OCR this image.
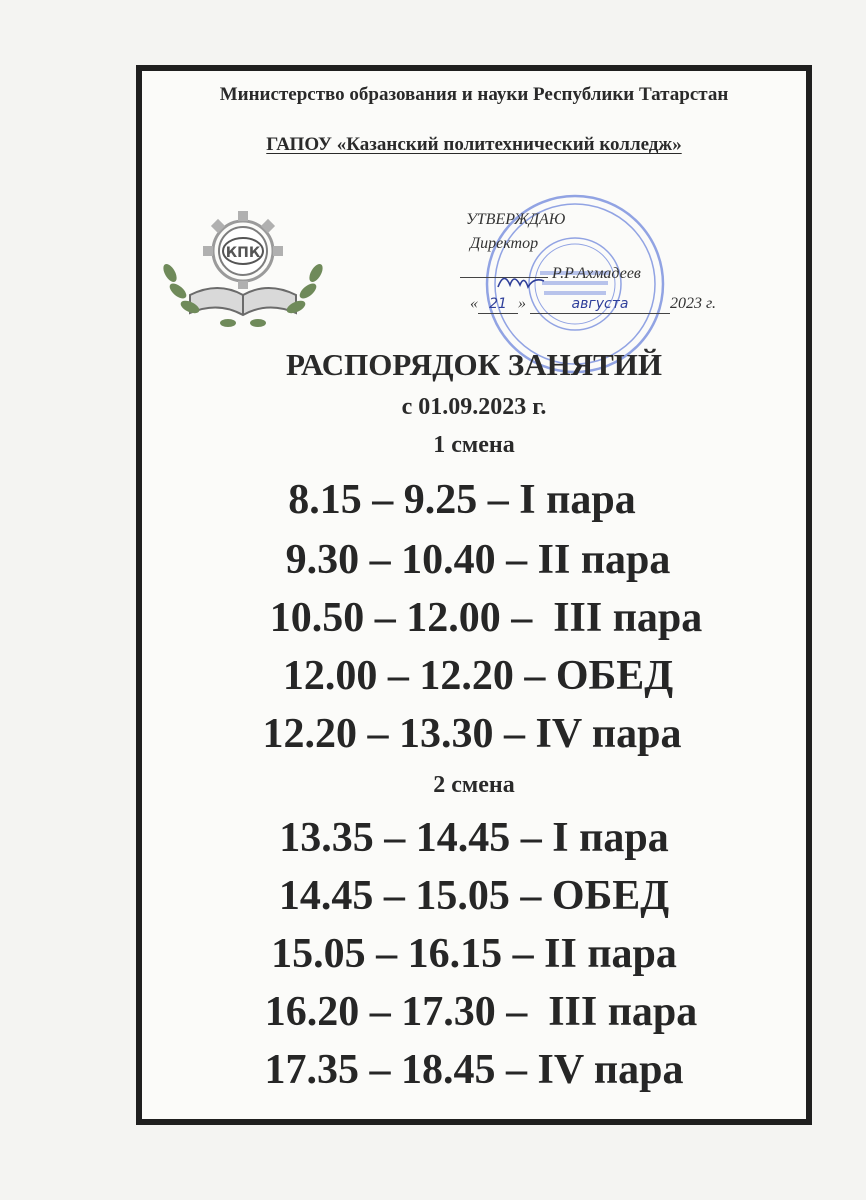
Министерство образования и науки Республики Татарстан
ГАПОУ «Казанский политехнический колледж»
КПК
УТВЕРЖДАЮ
Директор
Р.Р.Ахмадеев
« 21 »	августа	2023 г.
РАСПОРЯДОК ЗАНЯТИЙ
с 01.09.2023 г.
1 смена
8.15 – 9.25 – I пара
9.30 – 10.40 – II пара
10.50 – 12.00 –  III пара
12.00 – 12.20 – ОБЕД
12.20 – 13.30 – IV пара
2 смена
13.35 – 14.45 – I пара
14.45 – 15.05 – ОБЕД
15.05 – 16.15 – II пара
16.20 – 17.30 –  III пара
17.35 – 18.45 – IV пара
